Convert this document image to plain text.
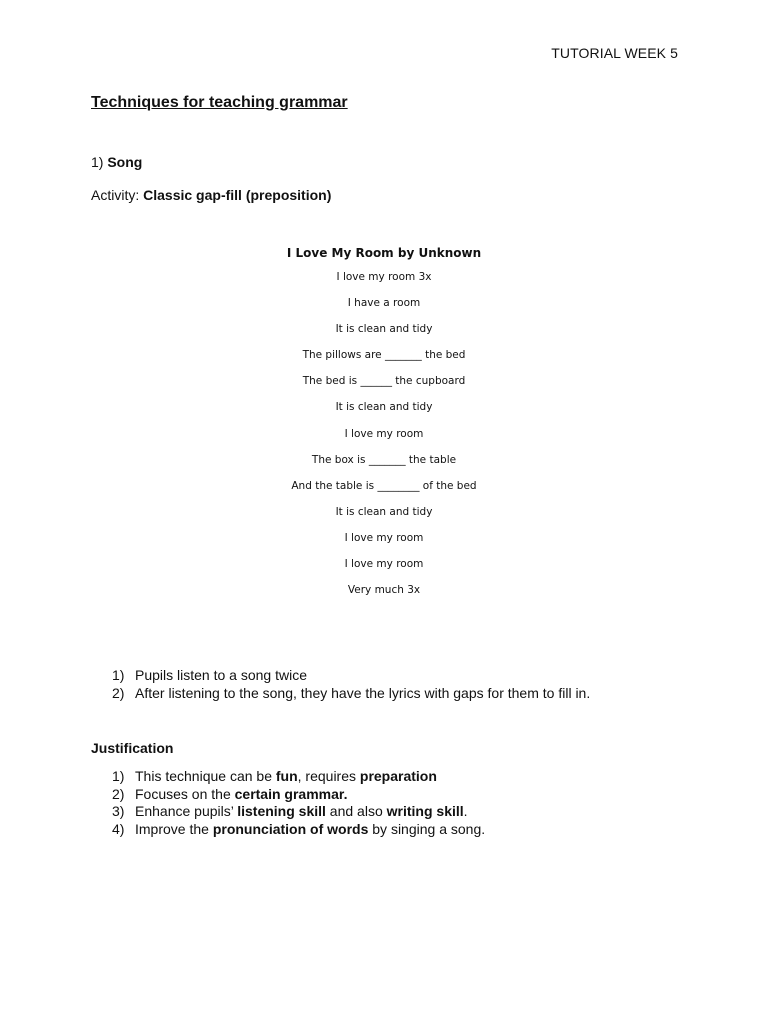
TUTORIAL WEEK 5
Techniques for teaching grammar
1) Song
Activity: Classic gap-fill (preposition)
I Love My Room by Unknown
I love my room 3x
I have a room
It is clean and tidy
The pillows are _______ the bed
The bed is ______ the cupboard
It is clean and tidy
I love my room
The box is _______ the table
And the table is ________ of the bed
It is clean and tidy
I love my room
I love my room
Very much 3x
1) Pupils listen to a song twice
2) After listening to the song, they have the lyrics with gaps for them to fill in.
Justification
1) This technique can be fun, requires preparation
2) Focuses on the certain grammar.
3) Enhance pupils’ listening skill and also writing skill.
4) Improve the pronunciation of words by singing a song.
